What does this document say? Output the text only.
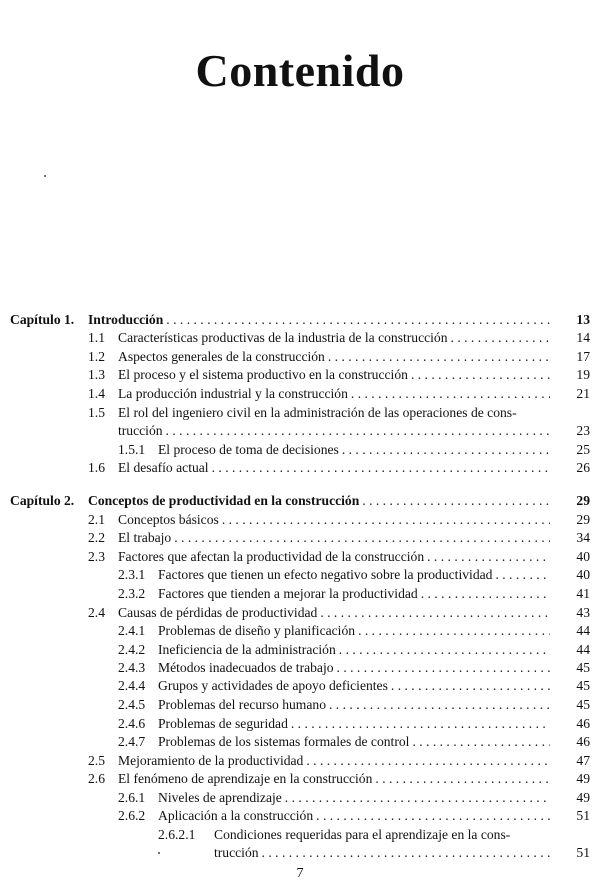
Contenido
Capítulo 1. Introducción . . .	13
1.1 Características productivas de la industria de la construcción . . .	14
1.2 Aspectos generales de la construcción . . .	17
1.3 El proceso y el sistema productivo en la construcción . . .	19
1.4 La producción industrial y la construcción . . .	21
1.5 El rol del ingeniero civil en la administración de las operaciones de cons-
trucción . . .	23
1.5.1 El proceso de toma de decisiones . . .	25
1.6 El desafío actual . . .	26
Capítulo 2. Conceptos de productividad en la construcción . . .	29
2.1 Conceptos básicos . . .	29
2.2 El trabajo . . .	34
2.3 Factores que afectan la productividad de la construcción . . .	40
2.3.1 Factores que tienen un efecto negativo sobre la productividad . . .	40
2.3.2 Factores que tienden a mejorar la productividad . . .	41
2.4 Causas de pérdidas de productividad . . .	43
2.4.1 Problemas de diseño y planificación . . .	44
2.4.2 Ineficiencia de la administración . . .	44
2.4.3 Métodos inadecuados de trabajo . . .	45
2.4.4 Grupos y actividades de apoyo deficientes . . .	45
2.4.5 Problemas del recurso humano . . .	45
2.4.6 Problemas de seguridad . . .	46
2.4.7 Problemas de los sistemas formales de control . . .	46
2.5 Mejoramiento de la productividad . . .	47
2.6 El fenómeno de aprendizaje en la construcción . . .	49
2.6.1 Niveles de aprendizaje . . .	49
2.6.2 Aplicación a la construcción . . .	51
2.6.2.1 Condiciones requeridas para el aprendizaje en la cons-
trucción . . .	51
7
